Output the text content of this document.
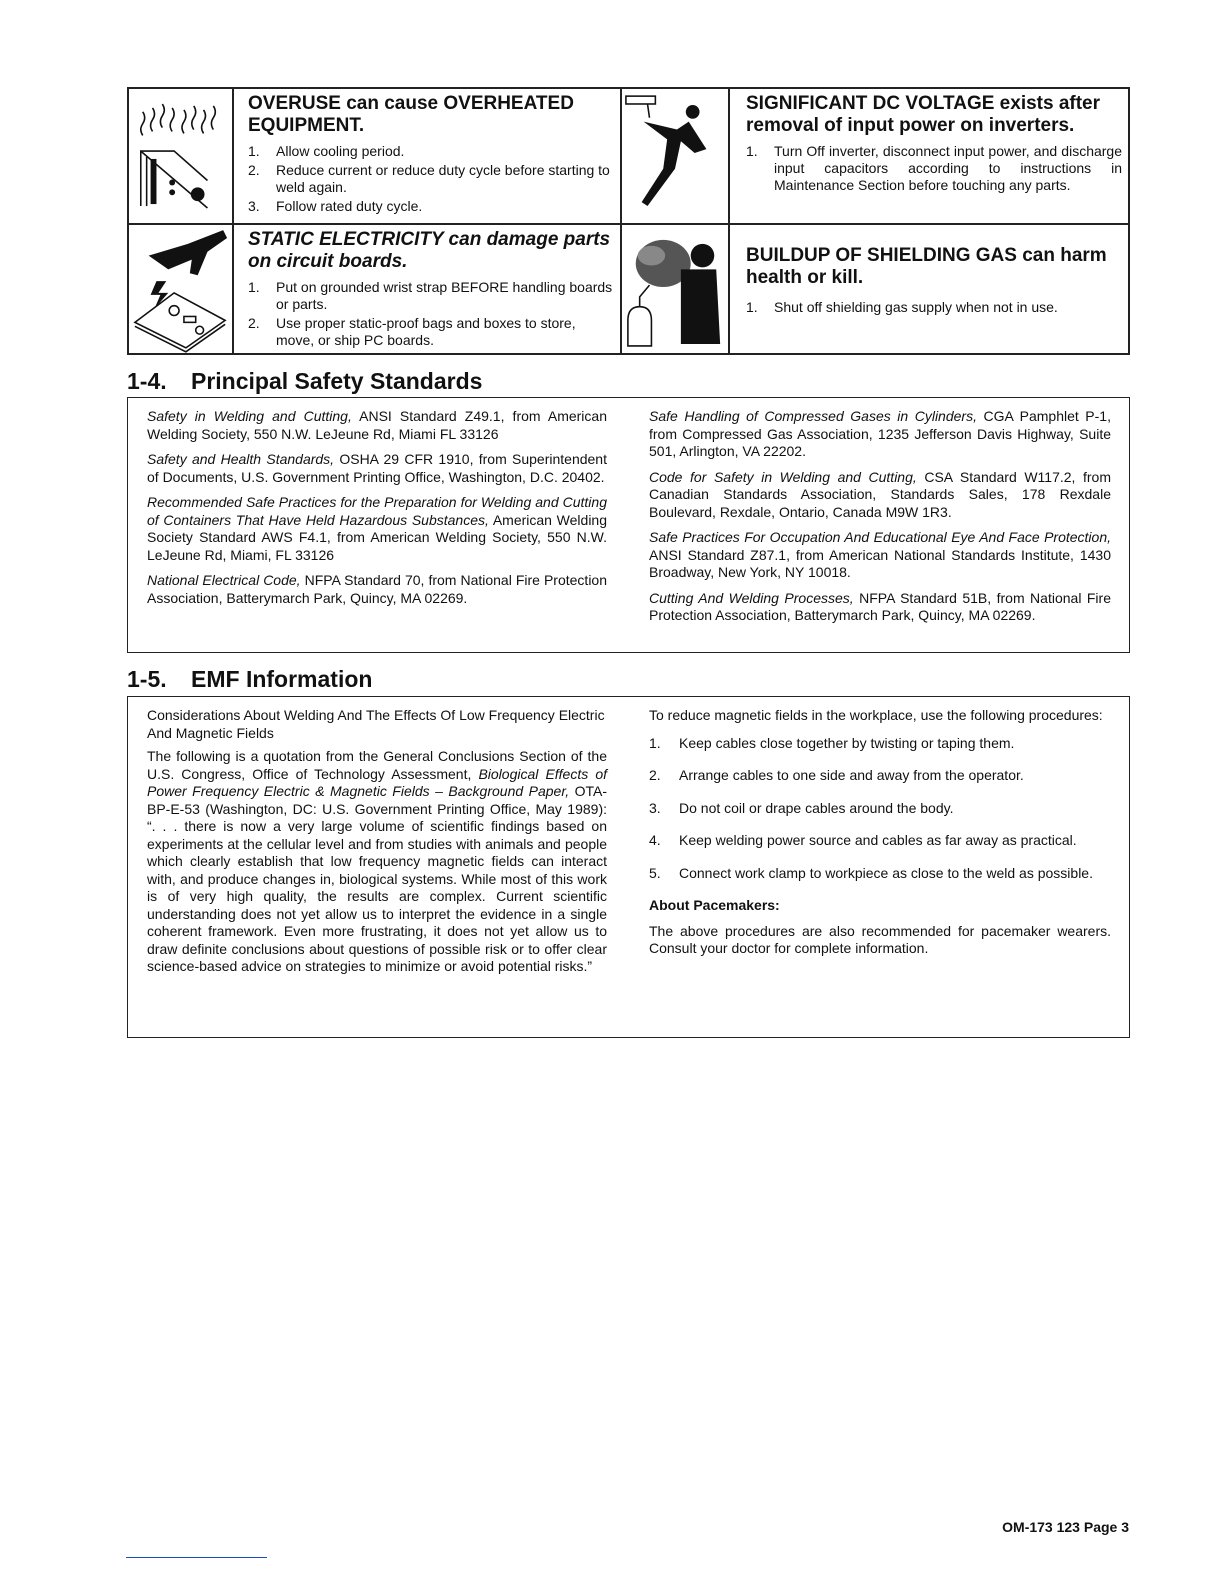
OVERUSE can cause OVERHEATED EQUIPMENT.
1.	Allow cooling period.
2.	Reduce current or reduce duty cycle before starting to weld again.
3.	Follow rated duty cycle.
SIGNIFICANT DC VOLTAGE exists after removal of input power on inverters.
1.	Turn Off inverter, disconnect input power, and discharge input capacitors according to instructions in Maintenance Section before touching any parts.
STATIC ELECTRICITY can damage parts on circuit boards.
1.	Put on grounded wrist strap BEFORE handling boards or parts.
2.	Use proper static-proof bags and boxes to store, move, or ship PC boards.
BUILDUP OF SHIELDING GAS can harm health or kill.
1.	Shut off shielding gas supply when not in use.
1-4. Principal Safety Standards

Safety in Welding and Cutting, ANSI Standard Z49.1, from American Welding Society, 550 N.W. LeJeune Rd, Miami FL 33126

Safety and Health Standards, OSHA 29 CFR 1910, from Superintendent of Documents, U.S. Government Printing Office, Washington, D.C. 20402.

Recommended Safe Practices for the Preparation for Welding and Cutting of Containers That Have Held Hazardous Substances, American Welding Society Standard AWS F4.1, from American Welding Society, 550 N.W. LeJeune Rd, Miami, FL 33126

National Electrical Code, NFPA Standard 70, from National Fire Protection Association, Batterymarch Park, Quincy, MA 02269.

Safe Handling of Compressed Gases in Cylinders, CGA Pamphlet P-1, from Compressed Gas Association, 1235 Jefferson Davis Highway, Suite 501, Arlington, VA 22202.

Code for Safety in Welding and Cutting, CSA Standard W117.2, from Canadian Standards Association, Standards Sales, 178 Rexdale Boulevard, Rexdale, Ontario, Canada M9W 1R3.

Safe Practices For Occupation And Educational Eye And Face Protection, ANSI Standard Z87.1, from American National Standards Institute, 1430 Broadway, New York, NY 10018.

Cutting And Welding Processes, NFPA Standard 51B, from National Fire Protection Association, Batterymarch Park, Quincy, MA 02269.

1-5. EMF Information

Considerations About Welding And The Effects Of Low Frequency Electric And Magnetic Fields

The following is a quotation from the General Conclusions Section of the U.S. Congress, Office of Technology Assessment, Biological Effects of Power Frequency Electric & Magnetic Fields – Background Paper, OTA-BP-E-53 (Washington, DC: U.S. Government Printing Office, May 1989): “. . . there is now a very large volume of scientific findings based on experiments at the cellular level and from studies with animals and people which clearly establish that low frequency magnetic fields can interact with, and produce changes in, biological systems. While most of this work is of very high quality, the results are complex. Current scientific understanding does not yet allow us to interpret the evidence in a single coherent framework. Even more frustrating, it does not yet allow us to draw definite conclusions about questions of possible risk or to offer clear science-based advice on strategies to minimize or avoid potential risks.”

To reduce magnetic fields in the workplace, use the following procedures:

1.	Keep cables close together by twisting or taping them.
2.	Arrange cables to one side and away from the operator.
3.	Do not coil or drape cables around the body.
4.	Keep welding power source and cables as far away as practical.
5.	Connect work clamp to workpiece as close to the weld as possible.
About Pacemakers:

The above procedures are also recommended for pacemaker wearers. Consult your doctor for complete information.

OM-173 123 Page 3
